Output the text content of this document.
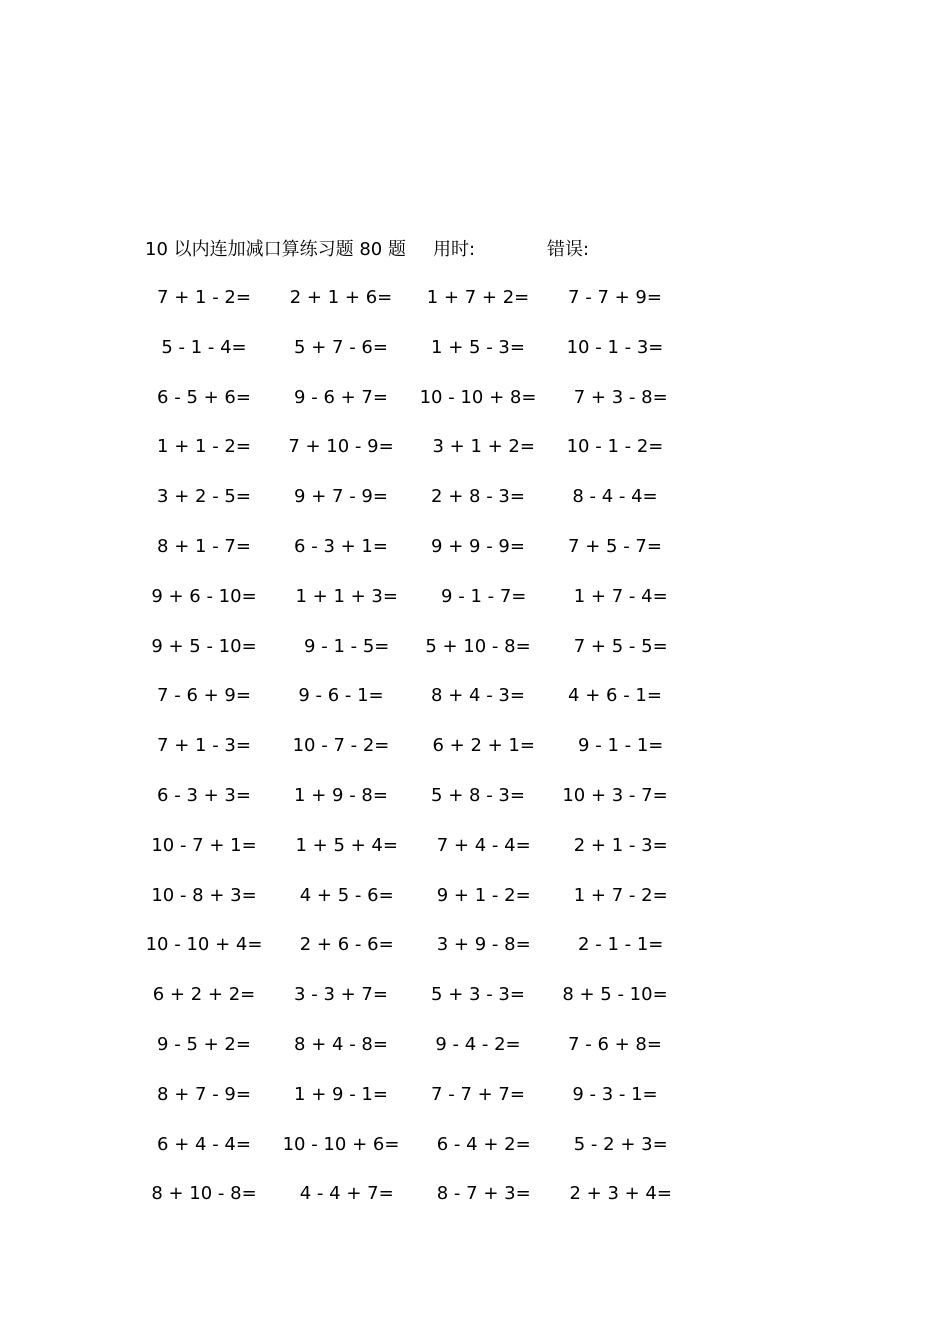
10 以内连加减口算练习题 80 题 用时:	错误:
7 + 1 - 2=	2 + 1 + 6=	1 + 7 + 2=	7 - 7 + 9=
5 - 1 - 4=	5 + 7 - 6=	1 + 5 - 3=	10 - 1 - 3=
6 - 5 + 6=	9 - 6 + 7=	10 - 10 + 8=	7 + 3 - 8=
1 + 1 - 2=	7 + 10 - 9=	3 + 1 + 2=	10 - 1 - 2=
3 + 2 - 5=	9 + 7 - 9=	2 + 8 - 3=	8 - 4 - 4=
8 + 1 - 7=	6 - 3 + 1=	9 + 9 - 9=	7 + 5 - 7=
9 + 6 - 10=	1 + 1 + 3=	9 - 1 - 7=	1 + 7 - 4=
9 + 5 - 10=	9 - 1 - 5=	5 + 10 - 8=	7 + 5 - 5=
7 - 6 + 9=	9 - 6 - 1=	8 + 4 - 3=	4 + 6 - 1=
7 + 1 - 3=	10 - 7 - 2=	6 + 2 + 1=	9 - 1 - 1=
6 - 3 + 3=	1 + 9 - 8=	5 + 8 - 3=	10 + 3 - 7=
10 - 7 + 1=	1 + 5 + 4=	7 + 4 - 4=	2 + 1 - 3=
10 - 8 + 3=	4 + 5 - 6=	9 + 1 - 2=	1 + 7 - 2=
10 - 10 + 4=	2 + 6 - 6=	3 + 9 - 8=	2 - 1 - 1=
6 + 2 + 2=	3 - 3 + 7=	5 + 3 - 3=	8 + 5 - 10=
9 - 5 + 2=	8 + 4 - 8=	9 - 4 - 2=	7 - 6 + 8=
8 + 7 - 9=	1 + 9 - 1=	7 - 7 + 7=	9 - 3 - 1=
6 + 4 - 4=	10 - 10 + 6=	6 - 4 + 2=	5 - 2 + 3=
8 + 10 - 8=	4 - 4 + 7=	8 - 7 + 3=	2 + 3 + 4=
